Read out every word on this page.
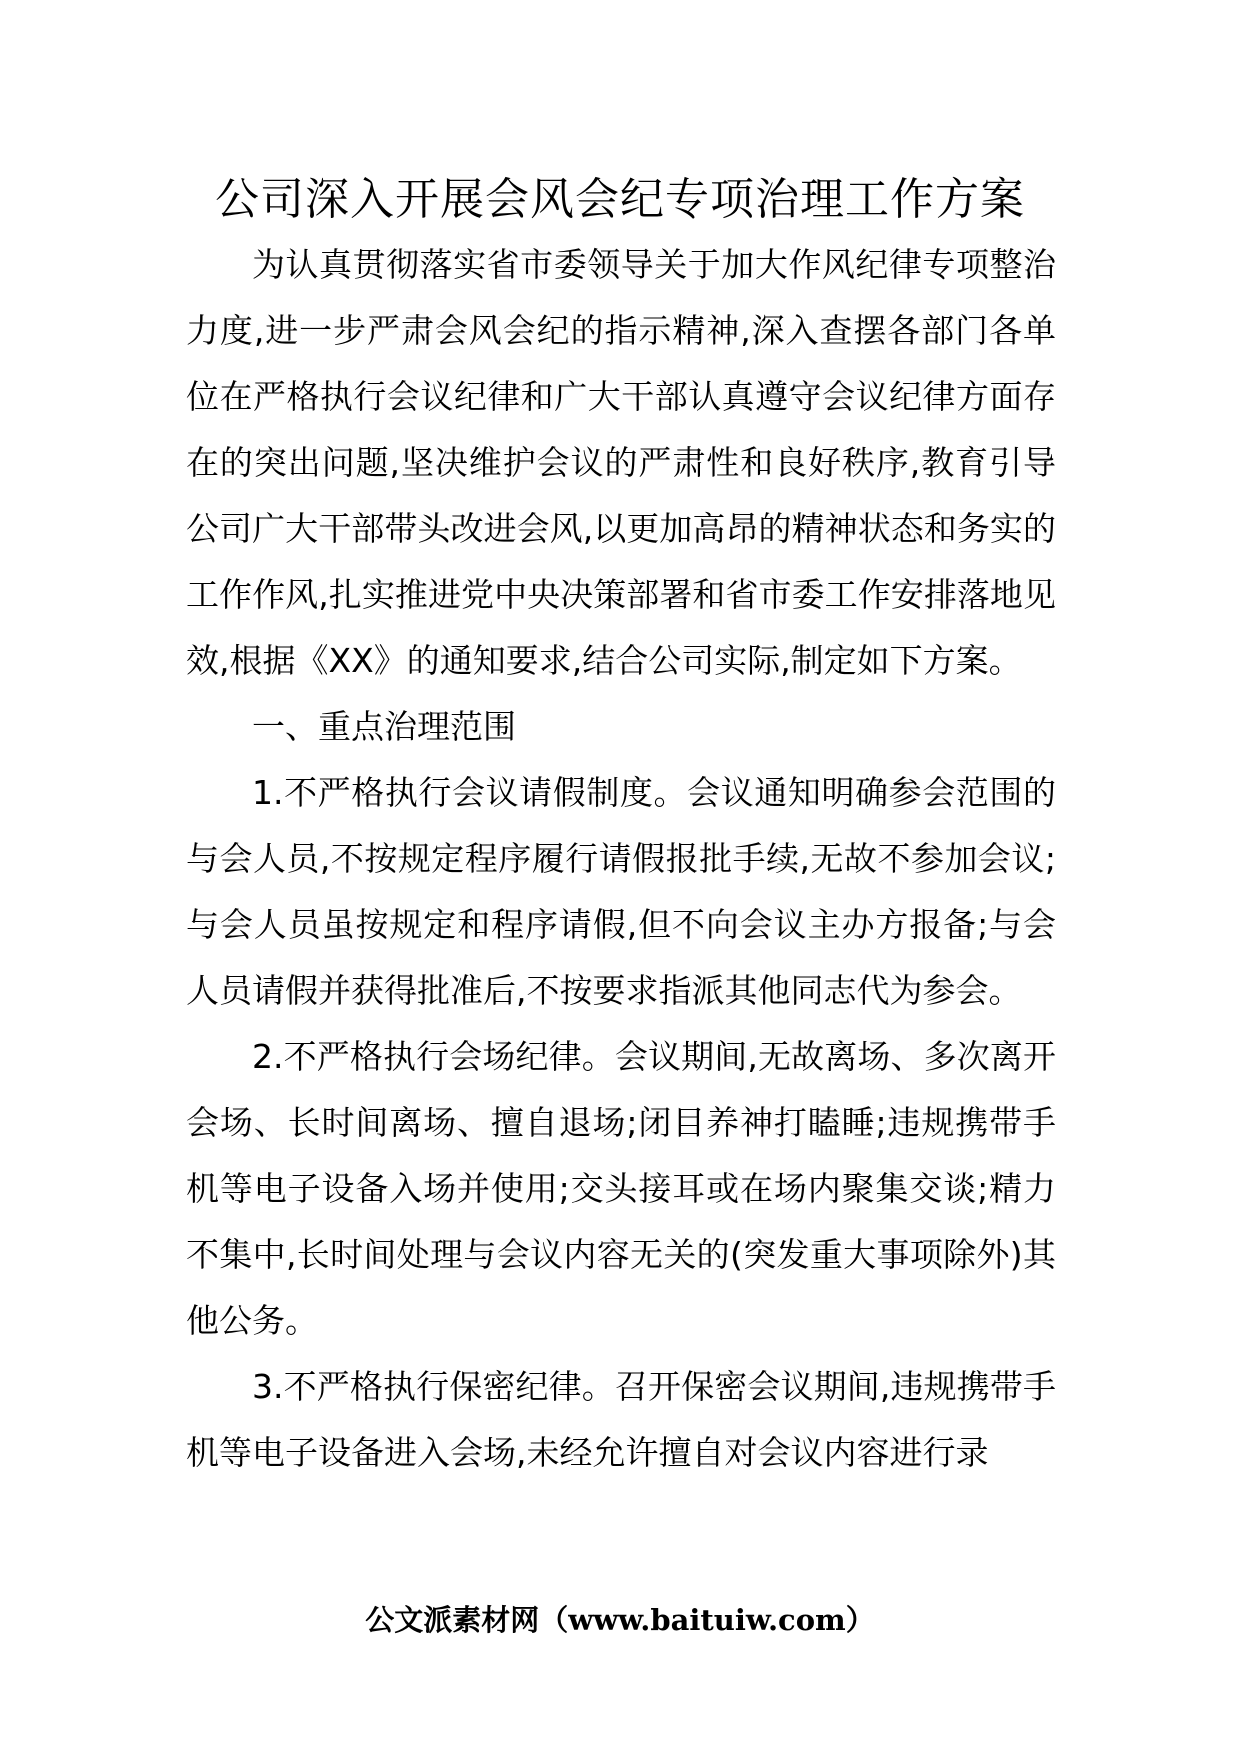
公司深入开展会风会纪专项治理工作方案

为认真贯彻落实省市委领导关于加大作风纪律专项整治力度,进一步严肃会风会纪的指示精神,深入查摆各部门各单位在严格执行会议纪律和广大干部认真遵守会议纪律方面存在的突出问题,坚决维护会议的严肃性和良好秩序,教育引导公司广大干部带头改进会风,以更加高昂的精神状态和务实的工作作风,扎实推进党中央决策部署和省市委工作安排落地见效,根据《XX》的通知要求,结合公司实际,制定如下方案。

一、重点治理范围

1.不严格执行会议请假制度。会议通知明确参会范围的与会人员,不按规定程序履行请假报批手续,无故不参加会议;与会人员虽按规定和程序请假,但不向会议主办方报备;与会人员请假并获得批准后,不按要求指派其他同志代为参会。

2.不严格执行会场纪律。会议期间,无故离场、多次离开会场、长时间离场、擅自退场;闭目养神打瞌睡;违规携带手机等电子设备入场并使用;交头接耳或在场内聚集交谈;精力不集中,长时间处理与会议内容无关的(突发重大事项除外)其他公务。

3.不严格执行保密纪律。召开保密会议期间,违规携带手机等电子设备进入会场,未经允许擅自对会议内容进行录

公文派素材网（www.baituiw.com）
